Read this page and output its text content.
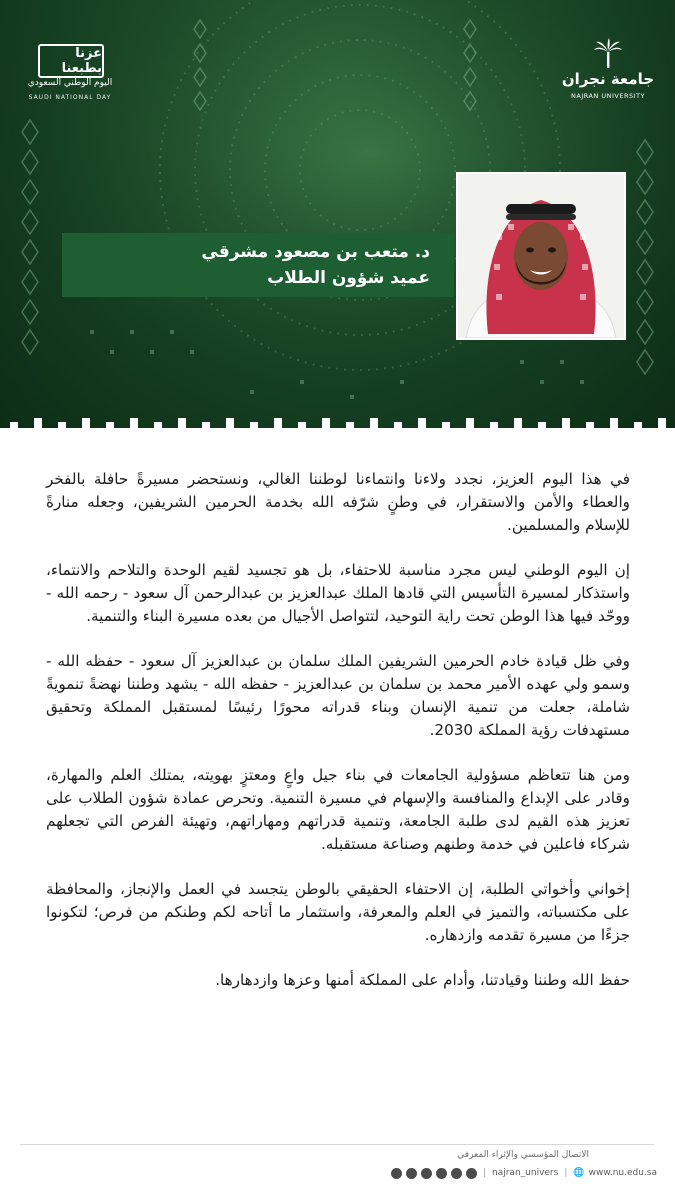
عزنا بطبعنا
اليوم الوطني السعودي
SAUDI NATIONAL DAY
جامعة نجران
NAJRAN UNIVERSITY
د. متعب بن مصعود مشرقي
عميد شؤون الطلاب

في هذا اليوم العزيز، نجدد ولاءنا وانتماءنا لوطننا الغالي، ونستحضر مسيرةً حافلة بالفخر والعطاء والأمن والاستقرار، في وطنٍ شرّفه الله بخدمة الحرمين الشريفين، وجعله منارةً للإسلام والمسلمين.

إن اليوم الوطني ليس مجرد مناسبة للاحتفاء، بل هو تجسيد لقيم الوحدة والتلاحم والانتماء، واستذكار لمسيرة التأسيس التي قادها الملك عبدالعزيز بن عبدالرحمن آل سعود - رحمه الله - ووحّد فيها هذا الوطن تحت راية التوحيد، لتتواصل الأجيال من بعده مسيرة البناء والتنمية.

وفي ظل قيادة خادم الحرمين الشريفين الملك سلمان بن عبدالعزيز آل سعود - حفظه الله - وسمو ولي عهده الأمير محمد بن سلمان بن عبدالعزيز - حفظه الله - يشهد وطننا نهضةً تنمويةً شاملة، جعلت من تنمية الإنسان وبناء قدراته محورًا رئيسًا لمستقبل المملكة وتحقيق مستهدفات رؤية المملكة 2030.

ومن هنا تتعاظم مسؤولية الجامعات في بناء جيل واعٍ ومعتزٍ بهويته، يمتلك العلم والمهارة، وقادر على الإبداع والمنافسة والإسهام في مسيرة التنمية. وتحرص عمادة شؤون الطلاب على تعزيز هذه القيم لدى طلبة الجامعة، وتنمية قدراتهم ومهاراتهم، وتهيئة الفرص التي تجعلهم شركاء فاعلين في خدمة وطنهم وصناعة مستقبله.

إخواني وأخواتي الطلبة، إن الاحتفاء الحقيقي بالوطن يتجسد في العمل والإنجاز، والمحافظة على مكتسباته، والتميز في العلم والمعرفة، واستثمار ما أتاحه لكم وطنكم من فرص؛ لتكونوا جزءًا من مسيرة تقدمه وازدهاره.

حفظ الله وطننا وقيادتنا، وأدام على المملكة أمنها وعزها وازدهارها.

الاتصال المؤسسي والإثراء المعرفي
| najran_univers | 🌐 www.nu.edu.sa
